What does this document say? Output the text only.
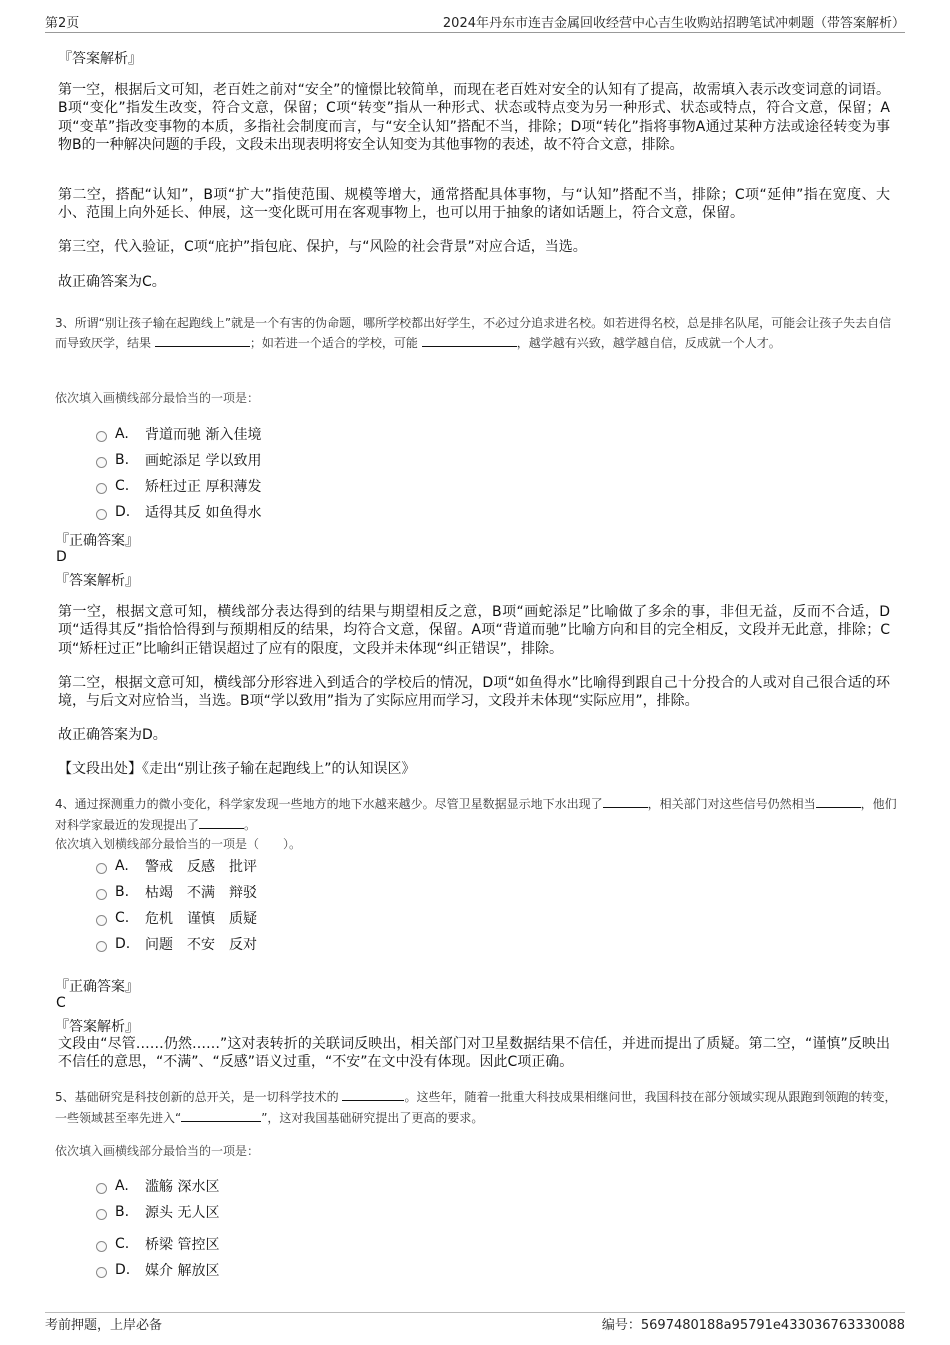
第2页	2024年丹东市连吉金属回收经营中心吉生收购站招聘笔试冲刺题（带答案解析）
『答案解析』
第一空，根据后文可知，老百姓之前对“安全”的憧憬比较简单，而现在老百姓对安全的认知有了提高，故需填入表示改变词意的词语。B项“变化”指发生改变，符合文意，保留；C项“转变”指从一种形式、状态或特点变为另一种形式、状态或特点，符合文意，保留；A项“变革”指改变事物的本质，多指社会制度而言，与“安全认知”搭配不当，排除；D项“转化”指将事物A通过某种方法或途径转变为事物B的一种解决问题的手段，文段未出现表明将安全认知变为其他事物的表述，故不符合文意，排除。
第二空，搭配“认知”，B项“扩大”指使范围、规模等增大，通常搭配具体事物，与“认知”搭配不当，排除；C项“延伸”指在宽度、大小、范围上向外延长、伸展，这一变化既可用在客观事物上，也可以用于抽象的诸如话题上，符合文意，保留。
第三空，代入验证，C项“庇护”指包庇、保护，与“风险的社会背景”对应合适，当选。
故正确答案为C。
3、所谓“别让孩子输在起跑线上”就是一个有害的伪命题，哪所学校都出好学生，不必过分追求进名校。如若进得名校，总是排名队尾，可能会让孩子失去自信而导致厌学，结果	；如若进一个适合的学校，可能	，越学越有兴致，越学越自信，反成就一个人才。
依次填入画横线部分最恰当的一项是：
A.	背道而驰 渐入佳境
B.	画蛇添足 学以致用
C.	矫枉过正 厚积薄发
D.	适得其反 如鱼得水
『正确答案』
D
『答案解析』
第一空，根据文意可知，横线部分表达得到的结果与期望相反之意，B项“画蛇添足”比喻做了多余的事，非但无益，反而不合适，D项“适得其反”指恰恰得到与预期相反的结果，均符合文意，保留。A项“背道而驰”比喻方向和目的完全相反，文段并无此意，排除；C项“矫枉过正”比喻纠正错误超过了应有的限度，文段并未体现“纠正错误”，排除。
第二空，根据文意可知，横线部分形容进入到适合的学校后的情况，D项“如鱼得水”比喻得到跟自己十分投合的人或对自己很合适的环境，与后文对应恰当，当选。B项“学以致用”指为了实际应用而学习，文段并未体现“实际应用”，排除。
故正确答案为D。
【文段出处】《走出“别让孩子输在起跑线上”的认知误区》
4、通过探测重力的微小变化，科学家发现一些地方的地下水越来越少。尽管卫星数据显示地下水出现了	，相关部门对这些信号仍然相当	，他们对科学家最近的发现提出了	。
依次填入划横线部分最恰当的一项是（　　）。
A.	警戒　反感　批评
B.	枯竭　不满　辩驳
C.	危机　谨慎　质疑
D.	问题　不安　反对
『正确答案』
C
『答案解析』
文段由“尽管……仍然……”这对表转折的关联词反映出，相关部门对卫星数据结果不信任，并进而提出了质疑。第二空，“谨慎”反映出不信任的意思，“不满”、“反感”语义过重，“不安”在文中没有体现。因此C项正确。
5、基础研究是科技创新的总开关，是一切科学技术的	。这些年，随着一批重大科技成果相继问世，我国科技在部分领域实现从跟跑到领跑的转变，一些领域甚至率先进入“	”，这对我国基础研究提出了更高的要求。
依次填入画横线部分最恰当的一项是：
A.	滥觞 深水区
B.	源头 无人区
C.	桥梁 管控区
D.	媒介 解放区
考前押题，上岸必备	编号：5697480188a95791e433036763330088
